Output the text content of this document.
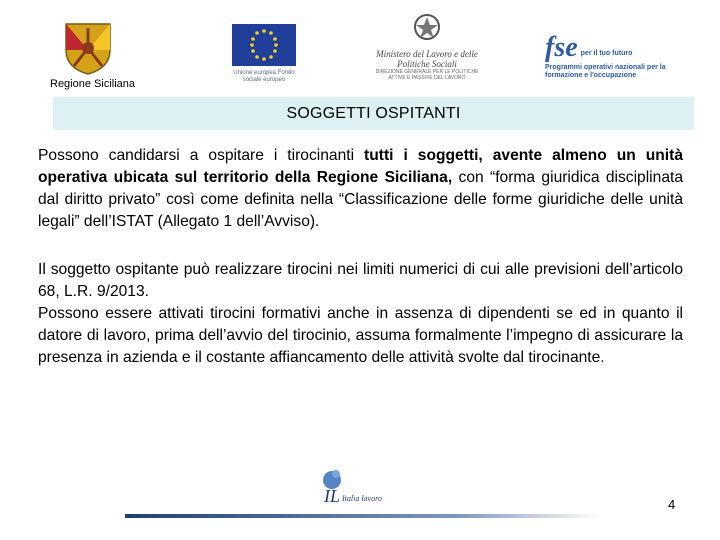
Regione Siciliana
Unione europea Fondo sociale europeo
Ministero del Lavoro e delle Politiche Sociali
DIREZIONE GENERALE PER LE POLITICHE ATTIVE E PASSIVE DEL LAVORO
fse per il tuo futuro
Programmi operativi nazionali per la formazione e l'occupazione
SOGGETTI OSPITANTI
Possono candidarsi a ospitare i tirocinanti tutti i soggetti, avente almeno un unità operativa ubicata sul territorio della Regione Siciliana, con “forma giuridica disciplinata dal diritto privato” così come definita nella “Classificazione delle forme giuridiche delle unità legali” dell’ISTAT (Allegato 1 dell’Avviso).
Il soggetto ospitante può realizzare tirocini nei limiti numerici di cui alle previsioni dell’articolo 68, L.R. 9/2013.
Possono essere attivati tirocini formativi anche in assenza di dipendenti se ed in quanto il datore di lavoro, prima dell’avvio del tirocinio, assuma formalmente l’impegno di assicurare la presenza in azienda e il costante affiancamento delle attività svolte dal tirocinante.
IL Italia lavoro	4
